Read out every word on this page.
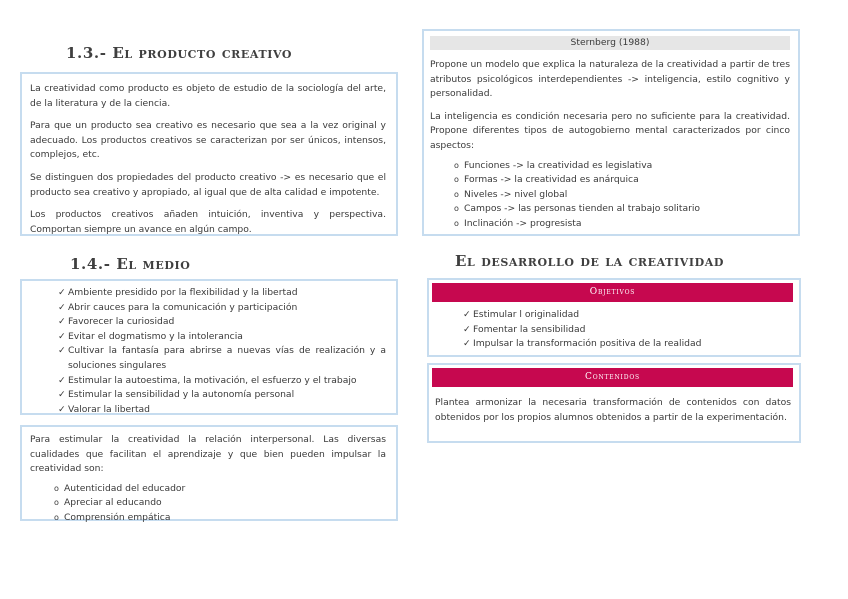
1.3.- El producto creativo

La creatividad como producto es objeto de estudio de la sociología del arte, de la literatura y de la ciencia.

Para que un producto sea creativo es necesario que sea a la vez original y adecuado. Los productos creativos se caracterizan por ser únicos, intensos, complejos, etc.

Se distinguen dos propiedades del producto creativo -> es necesario que el producto sea creativo y apropiado, al igual que de alta calidad e impotente.

Los productos creativos añaden intuición, inventiva y perspectiva. Comportan siempre un avance en algún campo.

1.4.- El medio
✓ Ambiente presidido por la flexibilidad y la libertad
✓ Abrir cauces para la comunicación y participación
✓ Favorecer la curiosidad
✓ Evitar el dogmatismo y la intolerancia
✓ Cultivar la fantasía para abrirse a nuevas vías de realización y a soluciones singulares
✓ Estimular la autoestima, la motivación, el esfuerzo y el trabajo
✓ Estimular la sensibilidad y la autonomía personal
✓ Valorar la libertad

Para estimular la creatividad la relación interpersonal. Las diversas cualidades que facilitan el aprendizaje y que bien pueden impulsar la creatividad son:

o Autenticidad del educador
o Apreciar al educando
o Comprensión empática
Sternberg (1988)

Propone un modelo que explica la naturaleza de la creatividad a partir de tres atributos psicológicos interdependientes -> inteligencia, estilo cognitivo y personalidad.

La inteligencia es condición necesaria pero no suficiente para la creatividad. Propone diferentes tipos de autogobierno mental caracterizados por cinco aspectos:

o Funciones -> la creatividad es legislativa
o Formas -> la creatividad es anárquica
o Niveles -> nivel global
o Campos -> las personas tienden al trabajo solitario
o Inclinación -> progresista
El desarrollo de la creatividad
✓ Estimular l originalidad
✓ Fomentar la sensibilidad
✓ Impulsar la transformación positiva de la realidad
Objetivos

Plantea armonizar la necesaria transformación de contenidos con datos obtenidos por los propios alumnos obtenidos a partir de la experimentación.

Contenidos
